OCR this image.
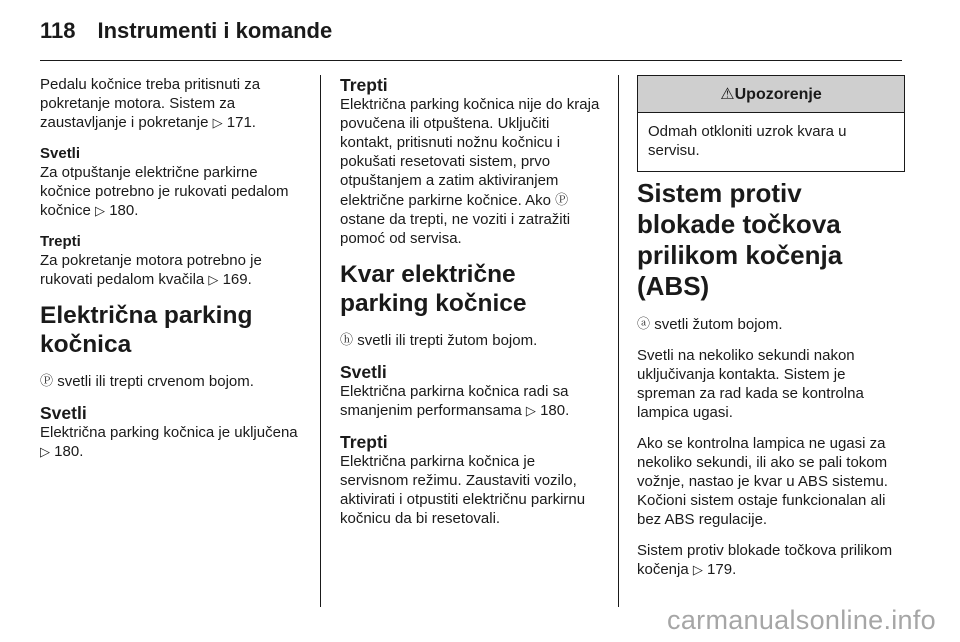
118 Instrumenti i komande

Pedalu kočnice treba pritisnuti za pokretanje motora. Sistem za zaustavljanje i pokretanje ▷ 171.

Svetli

Za otpuštanje električne parkirne kočnice potrebno je rukovati pedalom kočnice ▷ 180.

Trepti

Za pokretanje motora potrebno je rukovati pedalom kvačila ▷ 169.

Električna parking kočnica

Ⓟ svetli ili trepti crvenom bojom.

Svetli

Električna parking kočnica je uključena ▷ 180.

Trepti

Električna parking kočnica nije do kraja povučena ili otpuštena. Uključiti kontakt, pritisnuti nožnu kočnicu i pokušati resetovati sistem, prvo otpuštanjem a zatim aktiviranjem električne parkirne kočnice. Ako Ⓟ ostane da trepti, ne voziti i zatražiti pomoć od servisa.

Kvar električne parking kočnice

ⓗ svetli ili trepti žutom bojom.

Svetli

Električna parkirna kočnica radi sa smanjenim performansama ▷ 180.

Trepti

Električna parkirna kočnica je servisnom režimu. Zaustaviti vozilo, aktivirati i otpustiti električnu parkirnu kočnicu da bi resetovali.

⚠Upozorenje
Odmah otkloniti uzrok kvara u servisu.
Sistem protiv blokade točkova prilikom kočenja (ABS)

ⓐ svetli žutom bojom.

Svetli na nekoliko sekundi nakon uključivanja kontakta. Sistem je spreman za rad kada se kontrolna lampica ugasi.

Ako se kontrolna lampica ne ugasi za nekoliko sekundi, ili ako se pali tokom vožnje, nastao je kvar u ABS sistemu. Kočioni sistem ostaje funkcionalan ali bez ABS regulacije.

Sistem protiv blokade točkova prilikom kočenja ▷ 179.

carmanualsonline.info
